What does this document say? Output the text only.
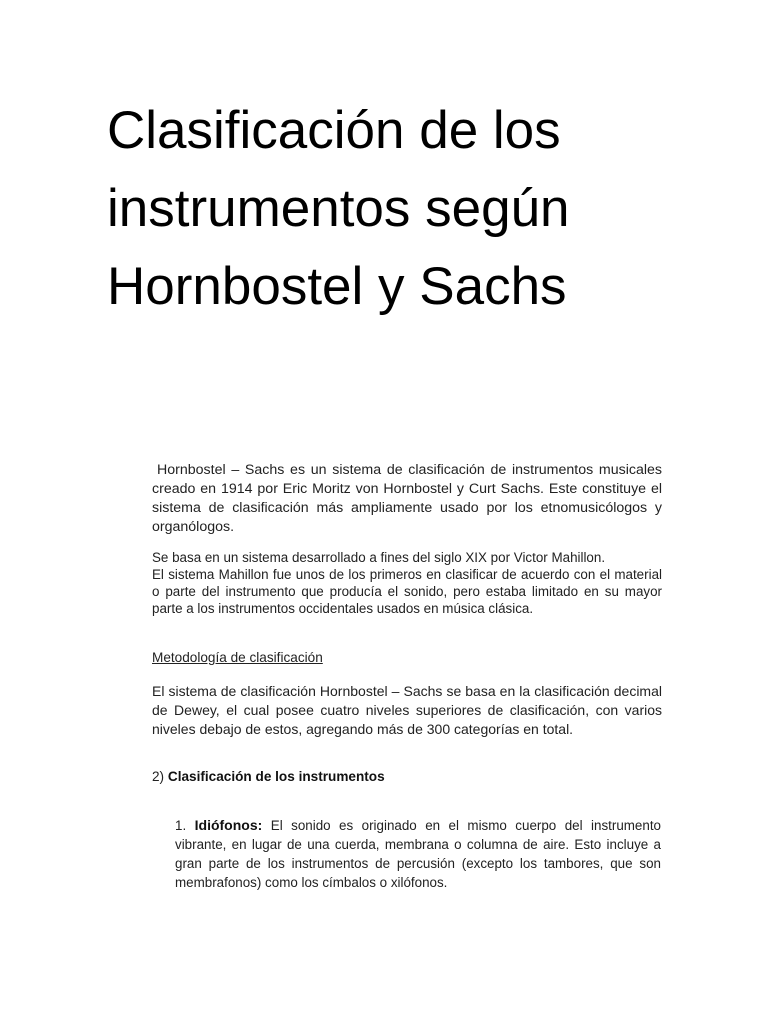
Clasificación de los
instrumentos según
Hornbostel y Sachs

Hornbostel – Sachs es un sistema de clasificación de instrumentos musicales creado en 1914 por Eric Moritz von Hornbostel y Curt Sachs. Este constituye el sistema de clasificación más ampliamente usado por los etnomusicólogos y organólogos.

Se basa en un sistema desarrollado a fines del siglo XIX por Victor Mahillon.
El sistema Mahillon fue unos de los primeros en clasificar de acuerdo con el material o parte del instrumento que producía el sonido, pero estaba limitado en su mayor parte a los instrumentos occidentales usados en música clásica.

Metodología de clasificación

El sistema de clasificación Hornbostel – Sachs se basa en la clasificación decimal de Dewey, el cual posee cuatro niveles superiores de clasificación, con varios niveles debajo de estos, agregando más de 300 categorías en total.

2) Clasificación de los instrumentos

1. Idiófonos: El sonido es originado en el mismo cuerpo del instrumento vibrante, en lugar de una cuerda, membrana o columna de aire. Esto incluye a gran parte de los instrumentos de percusión (excepto los tambores, que son membrafonos) como los címbalos o xilófonos.
